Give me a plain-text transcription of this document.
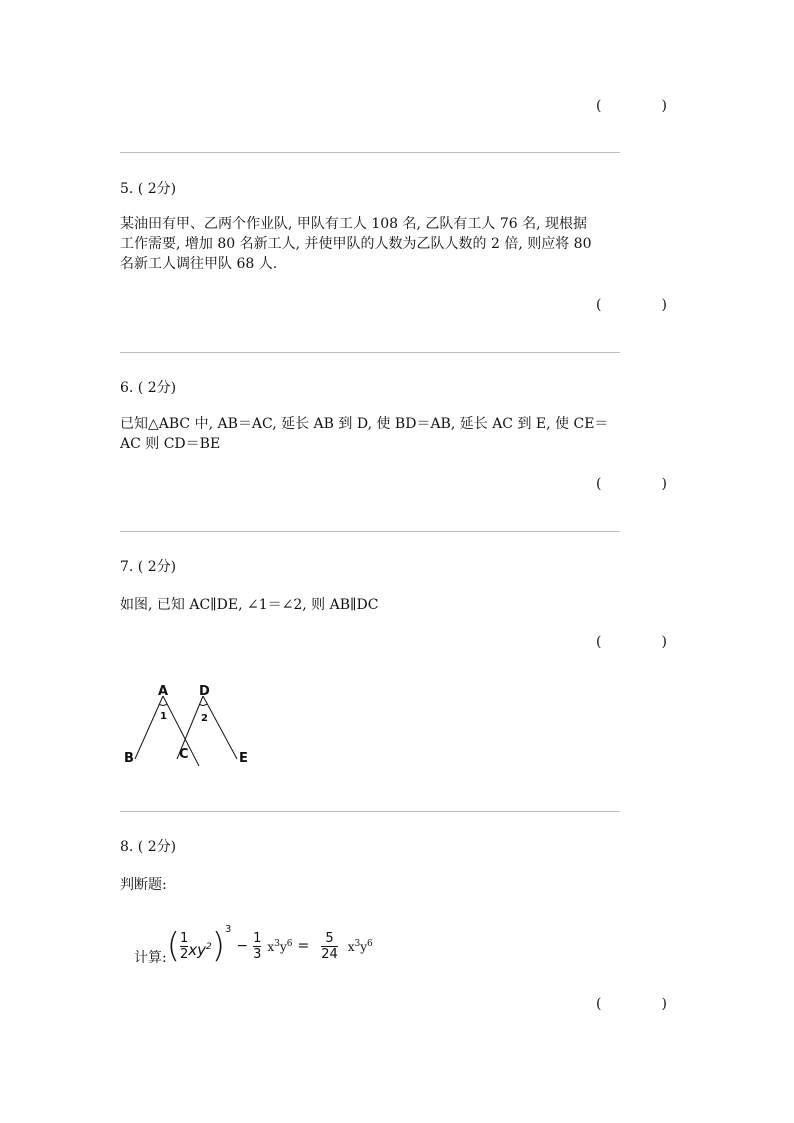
(	)
5. ( 2分)
某油田有甲、乙两个作业队, 甲队有工人 108 名, 乙队有工人 76 名, 现根据
工作需要, 增加 80 名新工人, 并使甲队的人数为乙队人数的 2 倍, 则应将 80
名新工人调往甲队 68 人.
(	)
6. ( 2分)
已知△ABC 中, AB＝AC, 延长 AB 到 D, 使 BD＝AB, 延长 AC 到 E, 使 CE＝
AC 则 CD＝BE
(	)
7. ( 2分)
如图, 已知 AC∥DE, ∠1＝∠2, 则 AB∥DC
(	)
A D
B	C	E
1	2
8. ( 2分)
判断题:
计算: ( $\frac{1}{2} xy^2$ )$^3$
− $\frac{1}{3} x^3y^6 = \frac{5}{24} x^3y^6$
(	)
